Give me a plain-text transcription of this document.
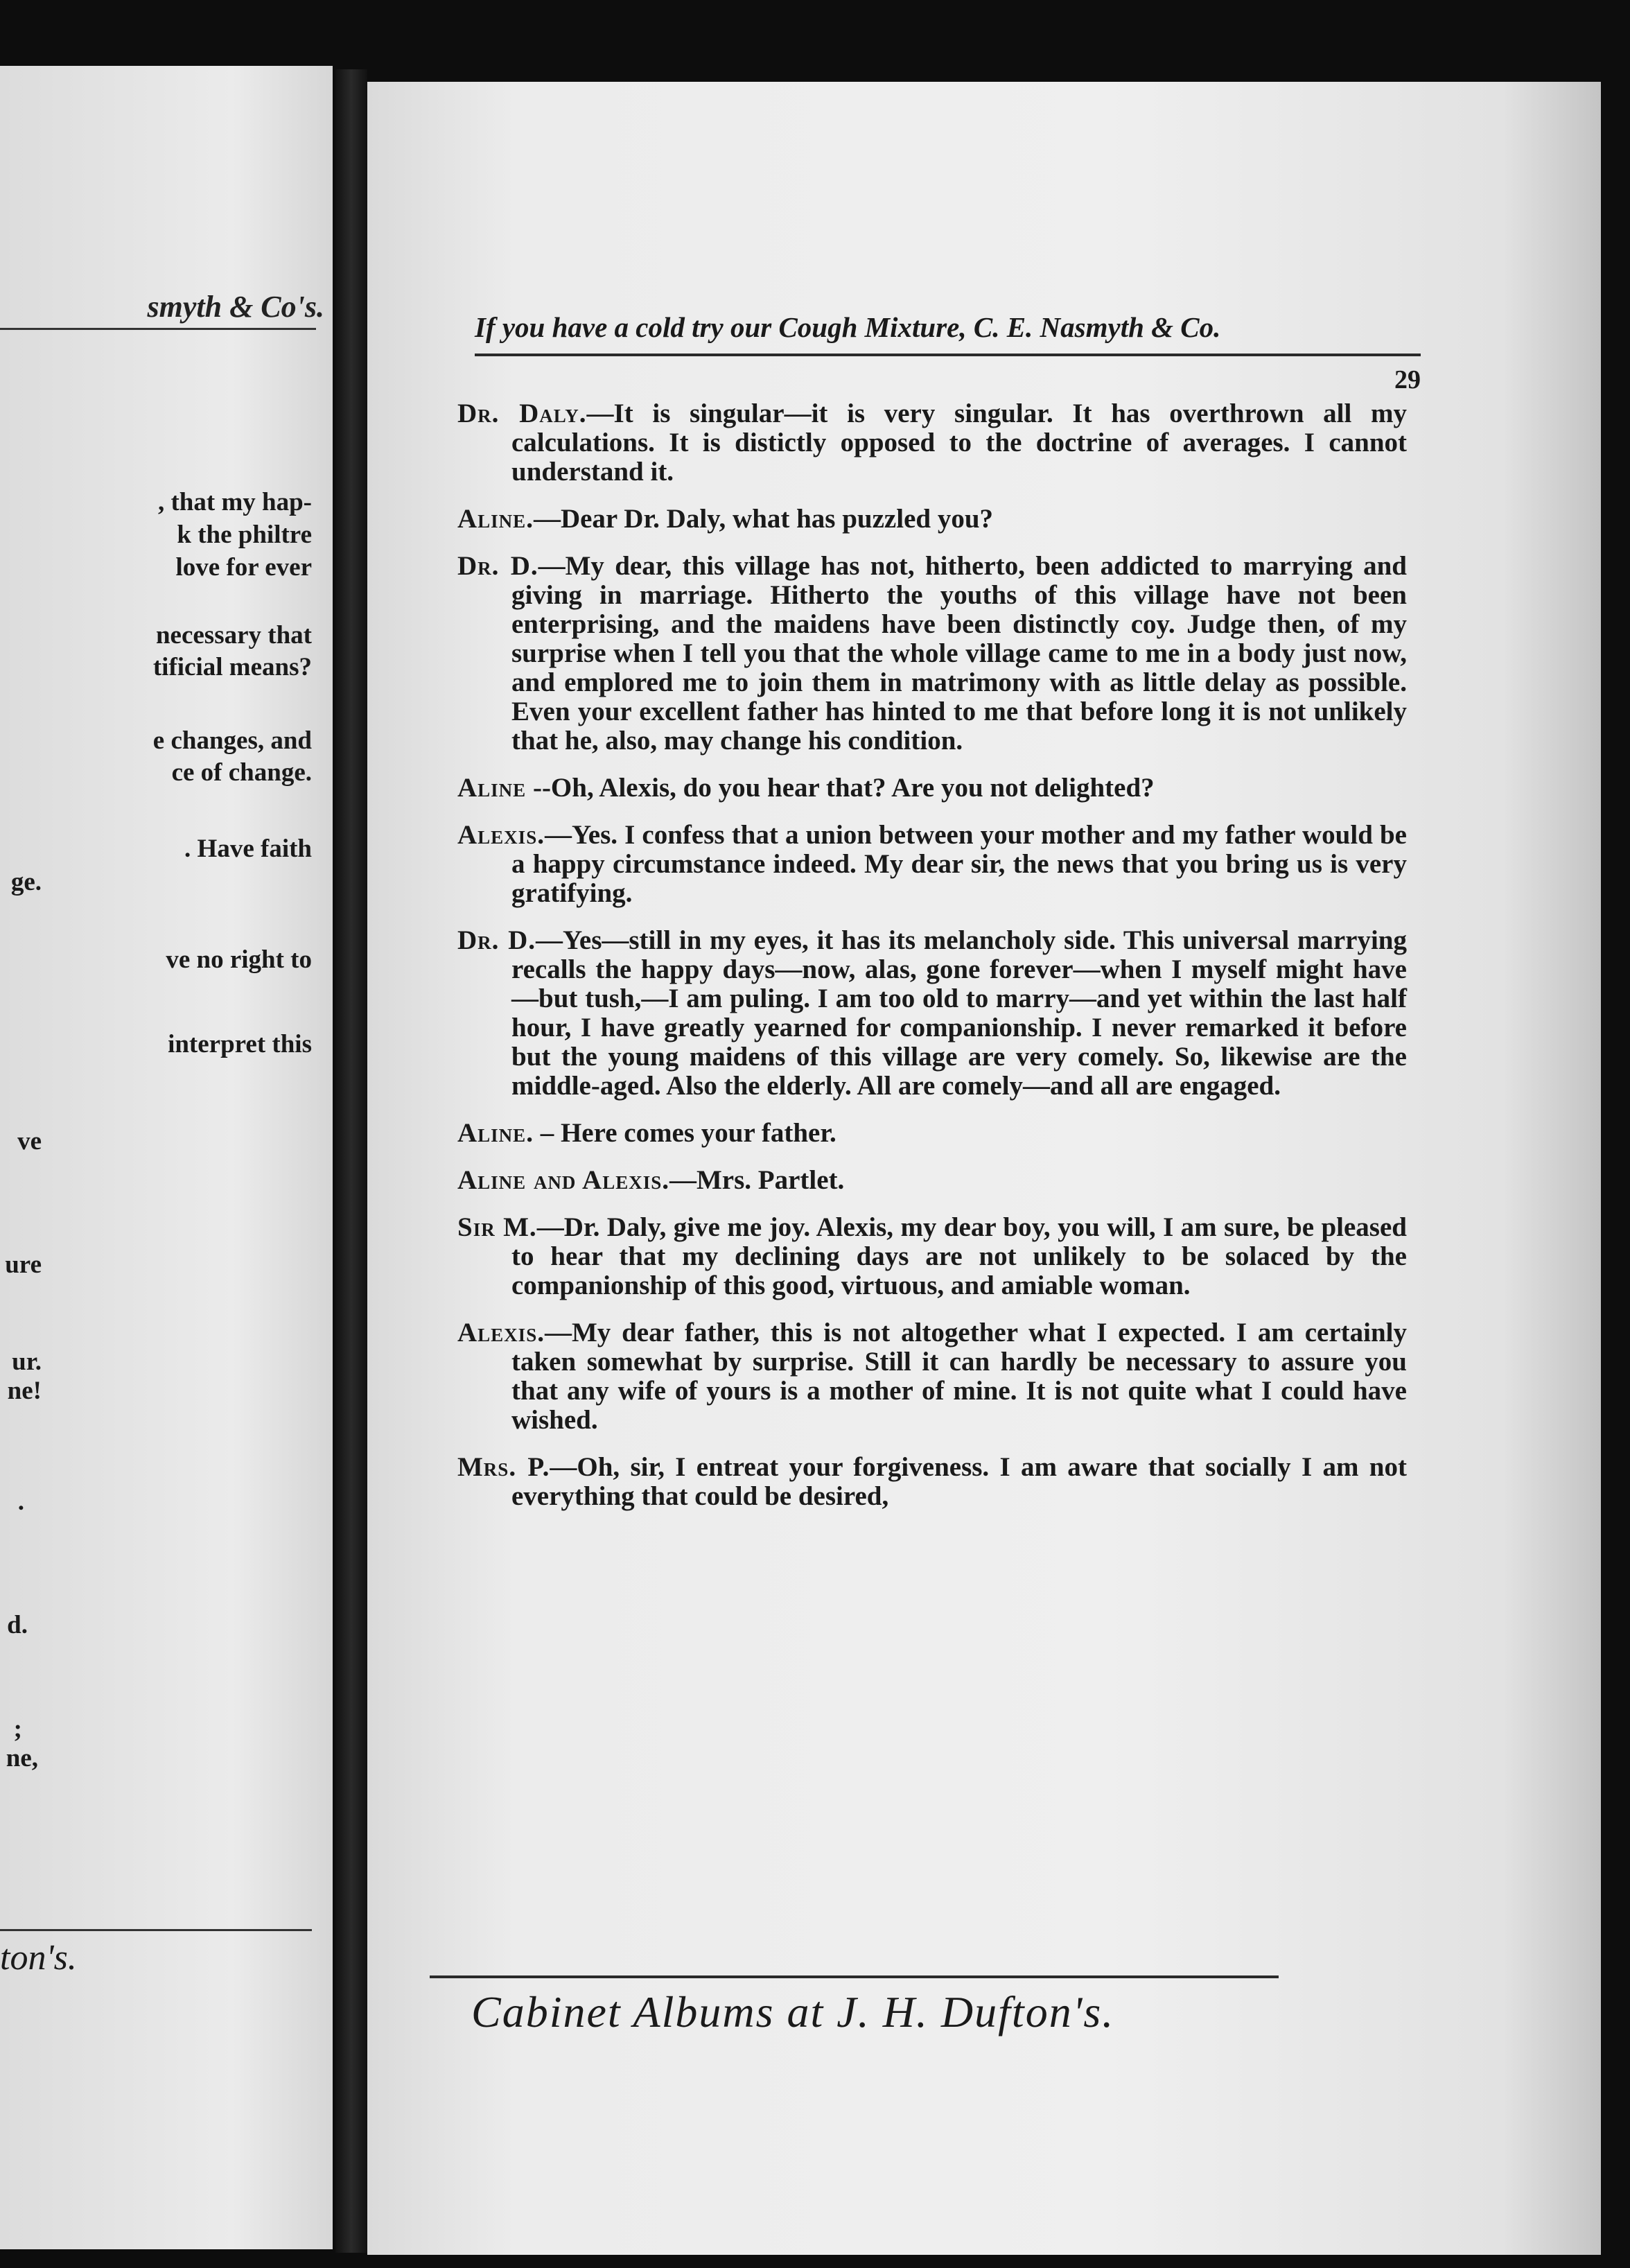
smyth & Co's.

, that my hap-

k the philtre

love for ever

necessary that

tificial means?

e changes, and

ce of change.

. Have faith

ge.

ve no right to

interpret this

ve

ure

ur.

ne!

.

d.

;

ne,

ton's.

If you have a cold try our Cough Mixture, C. E. Nasmyth & Co.

29

Dr. Daly.—It is singular—it is very singular. It has overthrown all my calculations. It is distictly opposed to the doctrine of averages. I cannot understand it.

Aline.—Dear Dr. Daly, what has puzzled you?

Dr. D.—My dear, this village has not, hitherto, been addicted to marrying and giving in marriage. Hitherto the youths of this village have not been enterprising, and the maidens have been distinctly coy. Judge then, of my surprise when I tell you that the whole village came to me in a body just now, and emplored me to join them in matrimony with as little delay as possible. Even your excellent father has hinted to me that before long it is not unlikely that he, also, may change his condition.

Aline --Oh, Alexis, do you hear that? Are you not delighted?

Alexis.—Yes. I confess that a union between your mother and my father would be a happy circumstance indeed. My dear sir, the news that you bring us is very gratifying.

Dr. D.—Yes—still in my eyes, it has its melancholy side. This universal marrying recalls the happy days—now, alas, gone forever—when I myself might have—but tush,—I am puling. I am too old to marry—and yet within the last half hour, I have greatly yearned for companionship. I never remarked it before but the young maidens of this village are very comely. So, likewise are the middle-aged. Also the elderly. All are comely—and all are engaged.

Aline. – Here comes your father.

Aline and Alexis.—Mrs. Partlet.

Sir M.—Dr. Daly, give me joy. Alexis, my dear boy, you will, I am sure, be pleased to hear that my declining days are not unlikely to be solaced by the companionship of this good, virtuous, and amiable woman.

Alexis.—My dear father, this is not altogether what I expected. I am certainly taken somewhat by surprise. Still it can hardly be necessary to assure you that any wife of yours is a mother of mine. It is not quite what I could have wished.

Mrs. P.—Oh, sir, I entreat your forgiveness. I am aware that socially I am not everything that could be desired,

Cabinet Albums at J. H. Dufton's.
